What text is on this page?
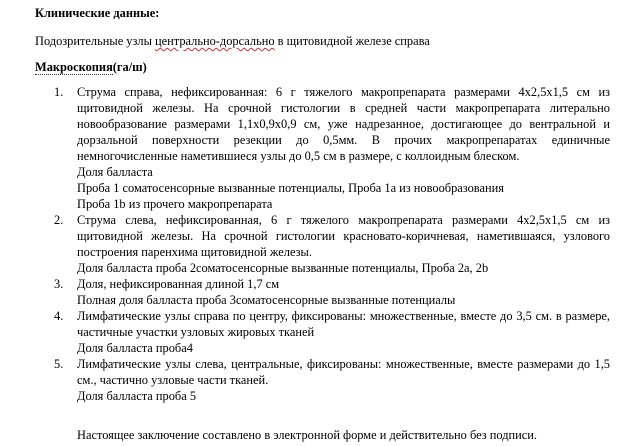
Клинические данные:
Подозрительные узлы центрально-дорсально в щитовидной железе справа
Макроскопия(га/ш)
1. Струма справа, нефиксированная: 6 г тяжелого макропрепарата размерами 4х2,5х1,5 см из щитовидной железы. На срочной гистологии в средней части макропрепарата литерально новообразование размерами 1,1х0,9х0,9 см, уже надрезанное, достигающее до вентральной и дорзальной поверхности резекции до 0,5мм. В прочих макропрепаратах единичные немногочисленные наметившиеся узлы до 0,5 см в размере, с коллоидным блеском.

Доля балласта

Проба 1 соматосенсорные вызванные потенциалы, Проба 1а из новообразования

Проба 1b из прочего макропрепарата

2. Струма слева, нефиксированная, 6 г тяжелого макропрепарата размерами 4х2,5х1,5 см из щитовидной железы. На срочной гистологии красновато-коричневая, наметившаяся, узлового построения паренхима щитовидной железы.

Доля балласта проба 2соматосенсорные вызванные потенциалы, Проба 2а, 2b

3. Доля, нефиксированная длиной 1,7 см

Полная доля балласта проба 3соматосенсорные вызванные потенциалы

4. Лимфатические узлы справа по центру, фиксированы: множественные, вместе до 3,5 см. в размере, частичные участки узловых жировых тканей

Доля балласта проба4

5. Лимфатические узлы слева, центральные, фиксированы: множественные, вместе размерами до 1,5 см., частично узловые части тканей.

Доля балласта проба 5

Настоящее заключение составлено в электронной форме и действительно без подписи.
